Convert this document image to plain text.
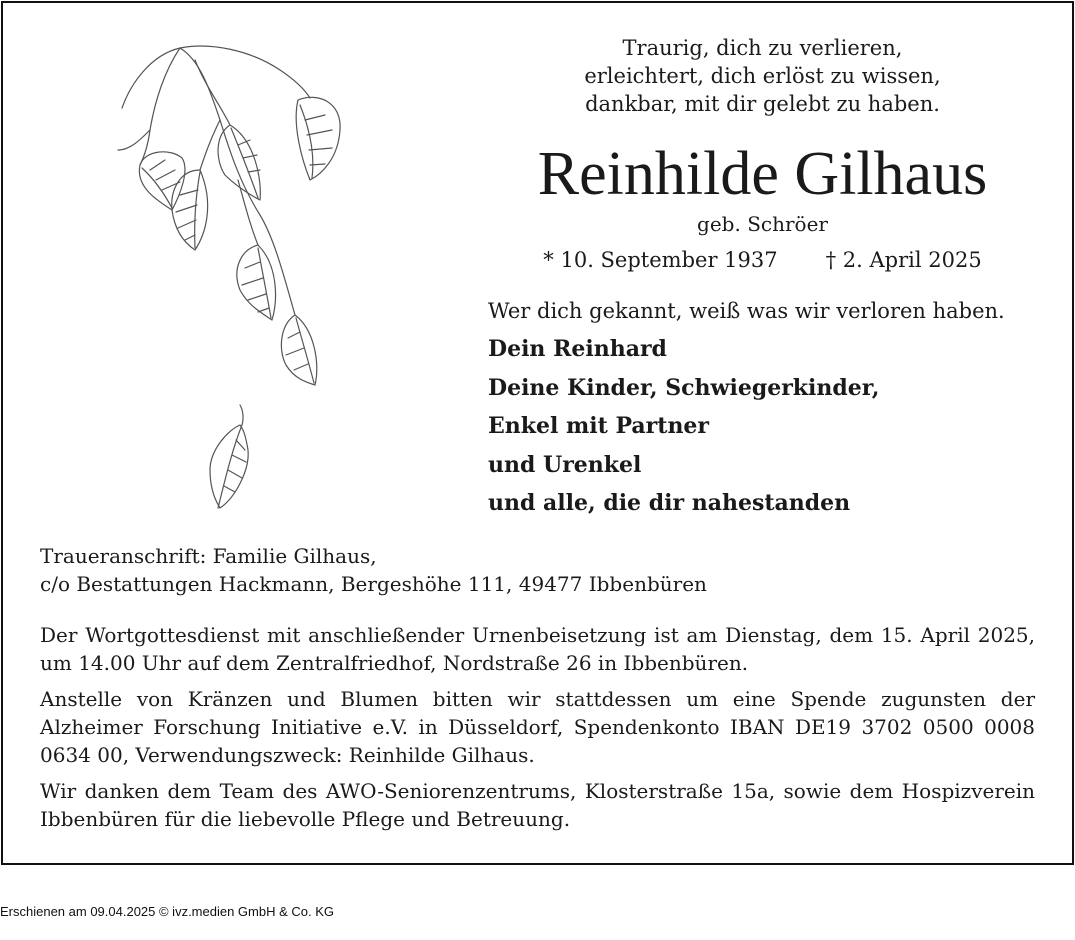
Traurig, dich zu verlieren,
erleichtert, dich erlöst zu wissen,
dankbar, mit dir gelebt zu haben.
Reinhilde Gilhaus
geb. Schröer
* 10. September 1937 † 2. April 2025
Wer dich gekannt, weiß was wir verloren haben.
Dein Reinhard
Deine Kinder, Schwiegerkinder,
Enkel mit Partner
und Urenkel
und alle, die dir nahestanden
Traueranschrift: Familie Gilhaus,
c/o Bestattungen Hackmann, Bergeshöhe 111, 49477 Ibbenbüren

Der Wortgottesdienst mit anschließender Urnenbeisetzung ist am Dienstag, dem 15. April 2025, um 14.00 Uhr auf dem Zentralfriedhof, Nordstraße 26 in Ibbenbüren.

Anstelle von Kränzen und Blumen bitten wir stattdessen um eine Spende zugunsten der Alzheimer Forschung Initiative e.V. in Düsseldorf, Spendenkonto IBAN DE19 3702 0500 0008 0634 00, Verwendungszweck: Reinhilde Gilhaus.

Wir danken dem Team des AWO-Seniorenzentrums, Klosterstraße 15a, sowie dem Hospizverein Ibbenbüren für die liebevolle Pflege und Betreuung.

Erschienen am 09.04.2025 © ivz.medien GmbH & Co. KG
